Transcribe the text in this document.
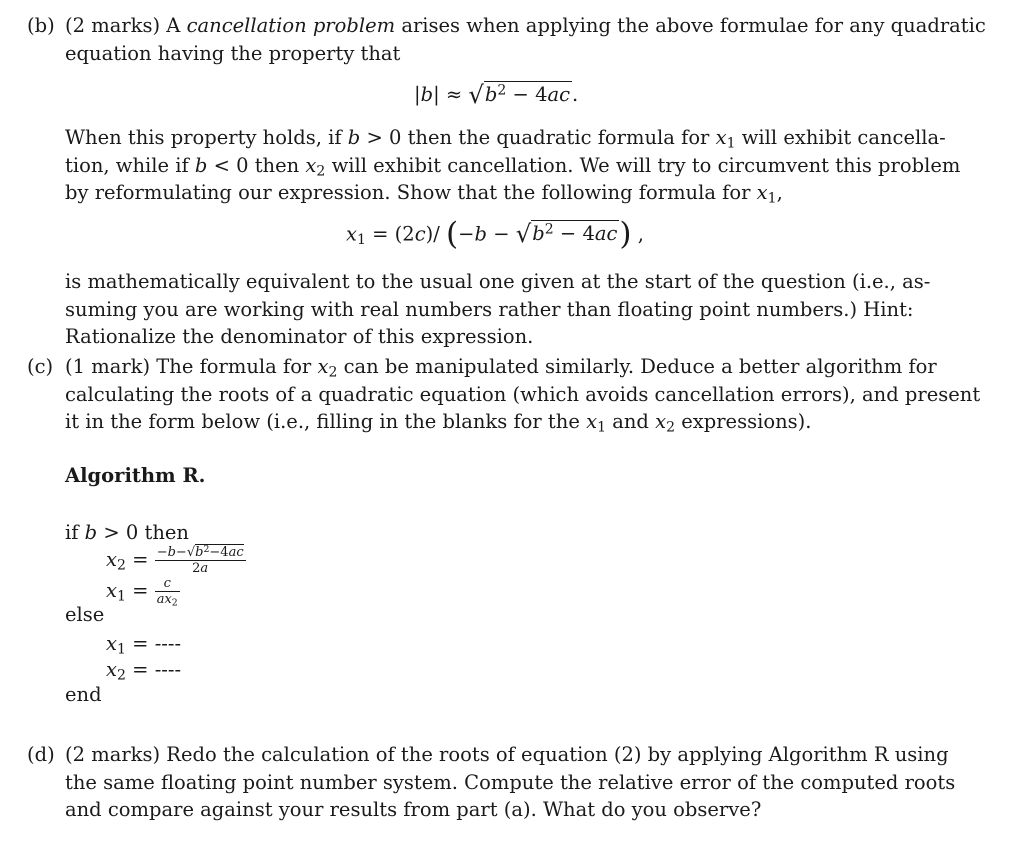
(b) (2 marks) A cancellation problem arises when applying the above formulae for any quadratic

equation having the property that

$|b| \approx √b^2 - 4ac$ .

When this property holds, if b > 0 then the quadratic formula for $x_1$ will exhibit cancella-

tion, while if b < 0 then $x_2$ will exhibit cancellation. We will try to circumvent this problem

by reformulating our expression. Show that the following formula for $x_1$,

$x_1 = (2c)/$ $(-b - √b^2 - 4ac)$ ,

is mathematically equivalent to the usual one given at the start of the question (i.e., as-

suming you are working with real numbers rather than floating point numbers.) Hint:

Rationalize the denominator of this expression.

(c) (1 mark) The formula for $x_2$ can be manipulated similarly. Deduce a better algorithm for

calculating the roots of a quadratic equation (which avoids cancellation errors), and present

it in the form below (i.e., filling in the blanks for the $x_1$ and $x_2$ expressions).

Algorithm R.
if b > 0 then
$x_2 = \frac{-b-√b^2-4ac}{2a}$
$x_1 = \frac{c}{ax_2}$
else
$x_1$ = ----
$x_2$ = ----
end
(d) (2 marks) Redo the calculation of the roots of equation (2) by applying Algorithm R using

the same floating point number system. Compute the relative error of the computed roots

and compare against your results from part (a). What do you observe?
